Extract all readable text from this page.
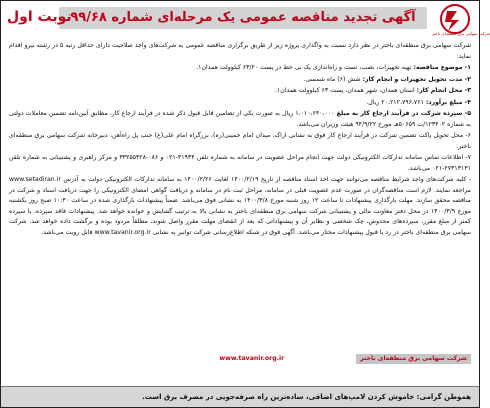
شرکت سهامی برق منطقه‌ای باختر
آگهی تجدید مناقصه عمومی یک مرحله‌ای شماره ۹۹/۶۸
نوبت اول

شرکت سهامی برق منطقه‌ای باختر در نظر دارد نسبت به واگذاری پروژه زیر از طریق برگزاری مناقصه عمومی به شرکت‌های واجد صلاحیت دارای حداقل رتبه ۵ در رشته نیرو اقدام نماید:

۱- موضوع مناقصه: تهیه تجهیزات، نصب، تست و راه‌اندازی یک بی خط در پست ۶۳/۲۰ کیلوولت همدان۱.

۲- مدت تحویل تجهیزات و انجام کار: شش (۶) ماه شمسی.

۳- محل انجام کار: استان همدان، شهر همدان، پست ۶۳ کیلوولت همدان۱.

۴- مبلغ برآورد: ۲۰،۲۱۲،۷۹۶،۷۶۱ ریال.

۵- سپرده شرکت در فرآیند ارجاع کار به مبلغ ۱،۰۱۰،۶۴۰،۰۰۰ ریال به صورت یکی از تضامین قابل قبول ذکر شده در فرآیند ارجاع کار، مطابق آیین‌نامه تضمین معاملات دولتی به شماره ۱۲۳۴۰۲/ت ۵۰۶۵۹هـ مورخ ۹۴/۹/۲۲ هیئت وزیران می‌باشد.

۶- محل تحویل پاکت تضمین شرکت در فرآیند ارجاع کار فوق به نشانی اراک، میدان امام خمینی(ره)، بزرگراه امام علی(ع) جنب پل راه‌آهن، دبیرخانه شرکت سهامی برق منطقه‌ای باختر.

۷- اطلاعات تماس سامانه تدارکات الکترونیکی دولت جهت انجام مراحل عضویت در سامانه به شماره تلفن ۴۱۹۳۴-۰۲۱ و ۰۸۶-۳۳۲۵۵۴۲۸ و مرکز راهبری و پشتیبانی به شماره تلفن ۲۷۳۱۳۱۳۱-۰۲۱ می‌باشد.

- کلیه شرکت‌های واجد شرایط مناقصه می‌توانند جهت اخذ اسناد مناقصه از تاریخ ۱۴۰۰/۲/۱۹ لغایت ۱۴۰۰/۲/۲۶ به سامانه تدارکات الکترونیکی دولت به آدرس www.setadiran.ir مراجعه نمایند. لازم است مناقصه‌گران در صورت عدم عضویت قبلی در سامانه، مراحل ثبت نام در سامانه و دریافت گواهی امضای الکترونیکی را جهت دریافت اسناد و شرکت در مناقصه محقق سازند. مهلت بارگذاری پیشنهادات تا ساعت ۱۲ روز شنبه مورخ ۱۴۰۰/۳/۸ به نشانی فوق می‌باشد. ضمناً پیشنهادات بارگذاری شده در ساعت ۱۰:۳۰ صبح روز یکشنبه مورخ ۱۴۰۰/۳/۹ در محل دفتر معاونت مالی و پشتیبانی شرکت سهامی برق منطقه‌ای باختر به نشانی بالا به ترتیب گشایش و خوانده خواهد شد. پیشنهادات فاقد سپرده، یا سپرده کمتر از مبلغ مقرر، سپرده‌های مخدوش، چک شخصی و نظایر آن و پیشنهاداتی که بعد از انقضای مهلت مقرر واصل شوند، مطلقاً مردود بوده و برگشت داده خواهد شد. شرکت سهامی برق منطقه‌ای باختر در رد یا قبول پیشنهادات مختار می‌باشد. آگهی فوق در شبکه اطلاع‌رسانی شرکت توانیر به نشانی www.tavanir.org.ir قابل رویت می‌باشد.

شرکت سهامی برق منطقه‌ای باختر www.tavanir.org.ir
هموطن گرامی: خاموش کردن لامپ‌های اضافی، ساده‌ترین راه صرفه‌جویی در مصرف برق است.
